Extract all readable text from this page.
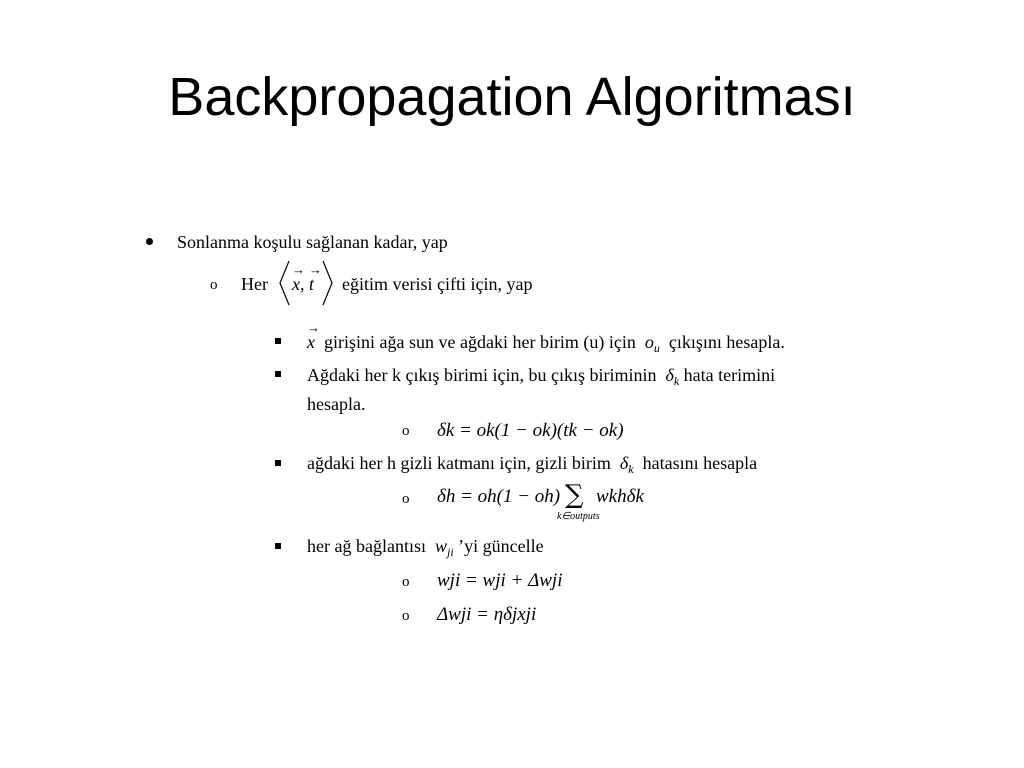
Backpropagation Algoritması
Sonlanma koşulu sağlanan kadar, yap
o Her
→
x,
→
t eğitim verisi çifti için, yap
→
x girişini ağa sun ve ağdaki her birim (u) için $o_u$ çıkışını hesapla.
Ağdaki her k çıkış birimi için, bu çıkış biriminin $\delta_k$ hata terimini
hesapla.
o δk = ok(1 − ok)(tk − ok)
ağdaki her h gizli katmanı için, gizli birim $\delta_k$ hatasını hesapla
o δh = oh(1 − oh) ∑ wkhδk
k∈outputs
her ağ bağlantısı $w_{ji}$ ’yi güncelle
o wji = wji + Δwji
o Δwji = ηδjxji
